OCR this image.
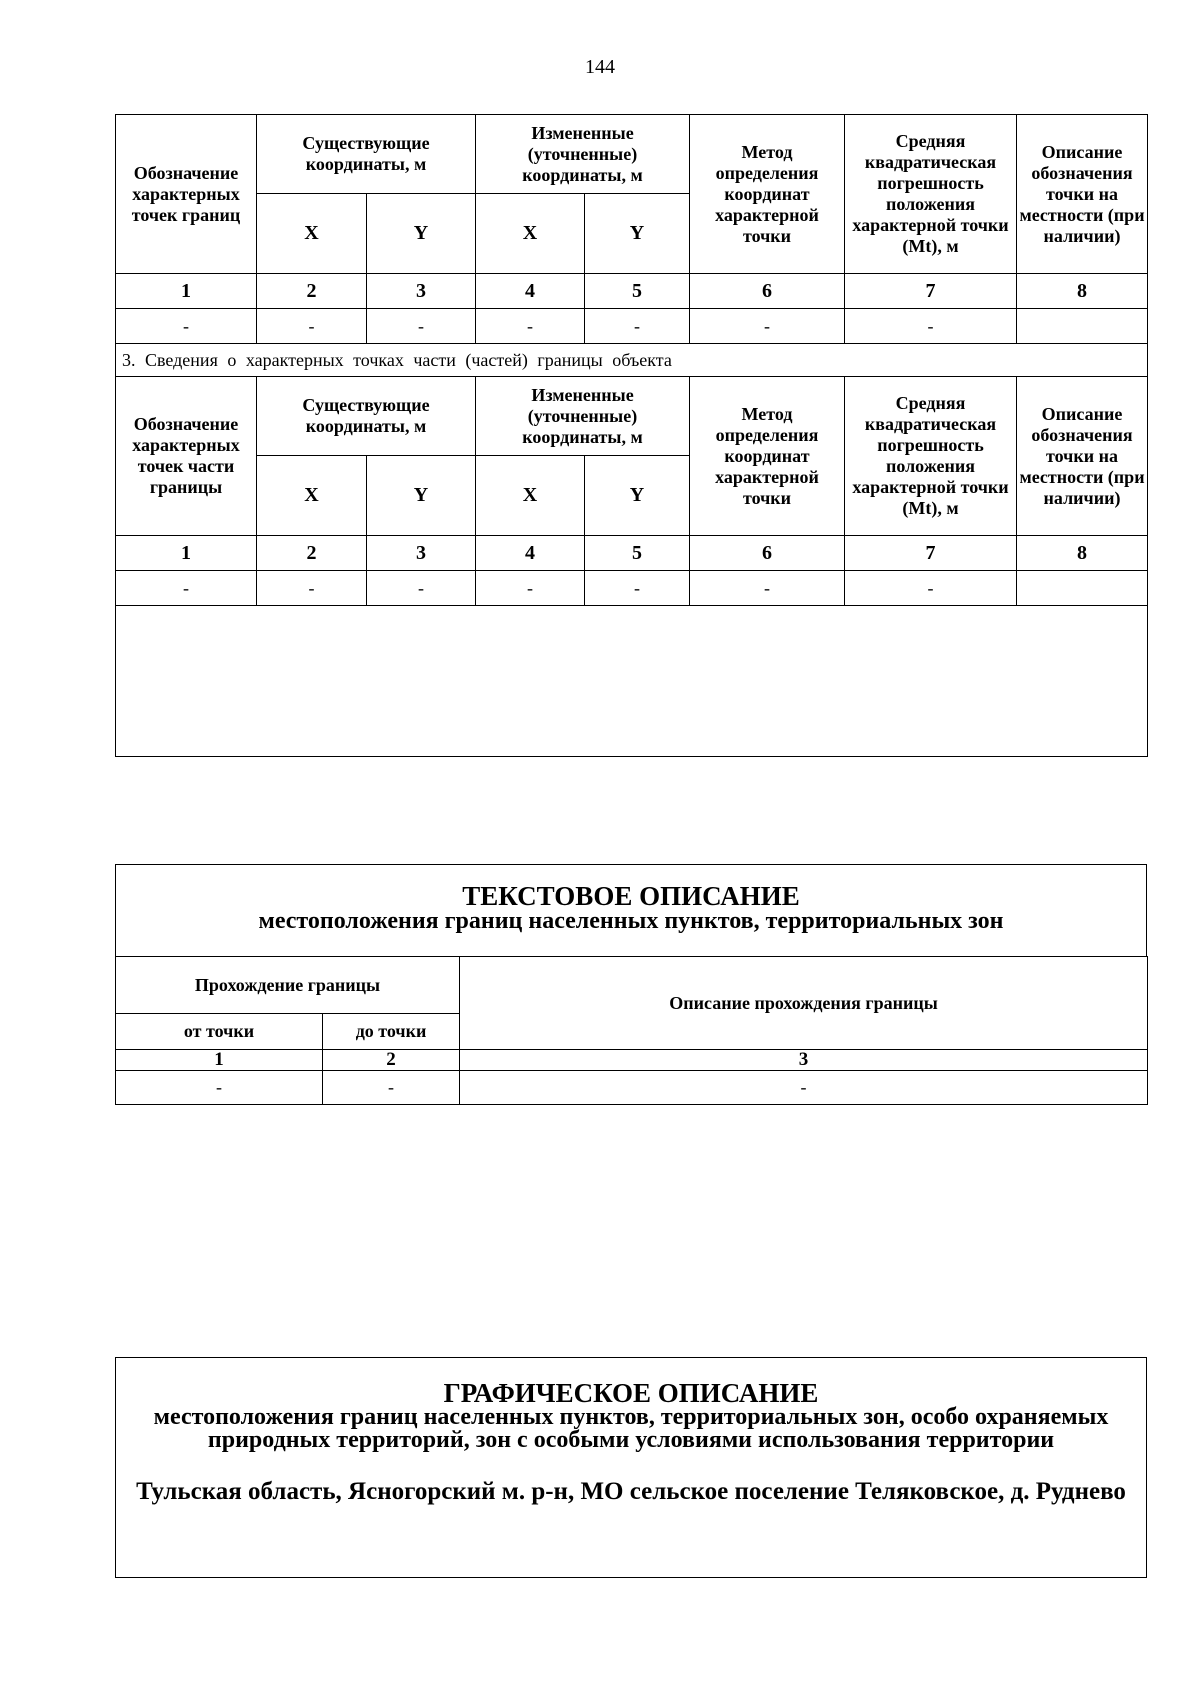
144
Обозначение характерных точек границ	Существующие координаты, м		Измененные (уточненные) координаты, м		Метод определения координат характерной точки	Средняя квадратическая погрешность положения характерной точки (Mt), м	Описание обозначения точки на местности (при наличии)
	X	Y	X	Y			
1	2	3	4	5	6	7	8
-	-	-	-	-	-	-	
3. Сведения о характерных точках части (частей) границы объекта							
Обозначение характерных точек части границы	Существующие координаты, м		Измененные (уточненные) координаты, м		Метод определения координат характерной точки	Средняя квадратическая погрешность положения характерной точки (Mt), м	Описание обозначения точки на местности (при наличии)
	X	Y	X	Y			
1	2	3	4	5	6	7	8
-	-	-	-	-	-	-	

ТЕКСТОВОЕ ОПИСАНИЕ
местоположения границ населенных пунктов, территориальных зон
Прохождение границы		Описание прохождения границы
от точки	до точки	
1	2	3
-	-	-
ГРАФИЧЕСКОЕ ОПИСАНИЕ
местоположения границ населенных пунктов, территориальных зон, особо охраняемых природных территорий, зон с особыми условиями использования территории
Тульская область, Ясногорский м. р-н, МО сельское поселение Теляковское, д. Руднево
